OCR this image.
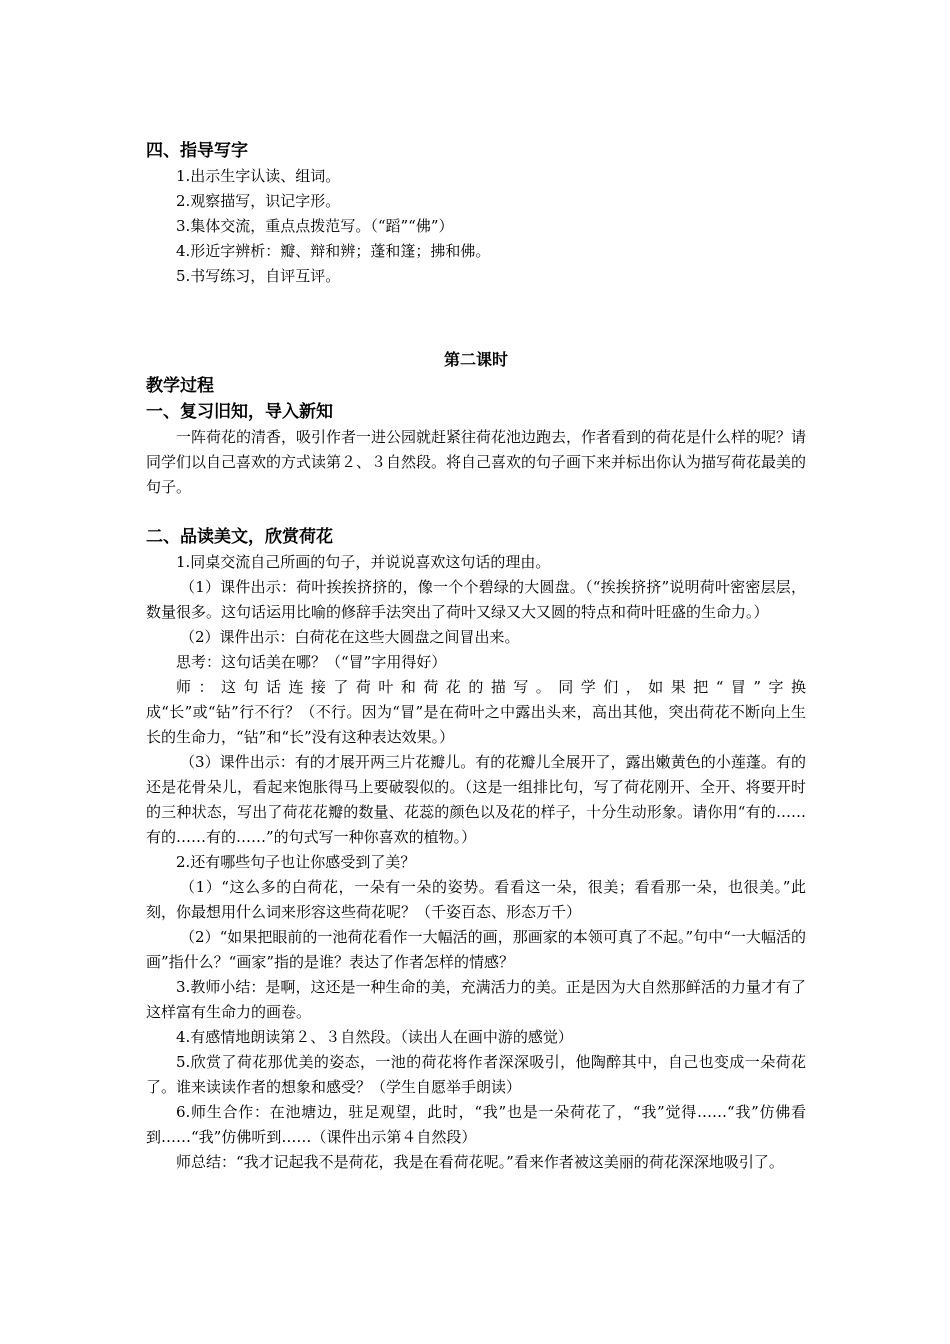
四、指导写字

1.出示生字认读、组词。

2.观察描写，识记字形。

3.集体交流，重点点拨范写。（“蹈”“佛”）

4.形近字辨析：瓣、辩和辨；蓬和篷；拂和佛。

5.书写练习，自评互评。

第二课时

教学过程

一、复习旧知，导入新知

一阵荷花的清香，吸引作者一进公园就赶紧往荷花池边跑去，作者看到的荷花是什么样的呢？请同学们以自己喜欢的方式读第２、３自然段。将自己喜欢的句子画下来并标出你认为描写荷花最美的句子。

二、品读美文，欣赏荷花

1.同桌交流自己所画的句子，并说说喜欢这句话的理由。

（1）课件出示：荷叶挨挨挤挤的，像一个个碧绿的大圆盘。（“挨挨挤挤”说明荷叶密密层层，数量很多。这句话运用比喻的修辞手法突出了荷叶又绿又大又圆的特点和荷叶旺盛的生命力。）

（2）课件出示：白荷花在这些大圆盘之间冒出来。

思考：这句话美在哪？（“冒”字用得好）

师：这句话连接了荷叶和荷花的描写。同学们，如果把“冒”字换

成“长”或“钻”行不行？（不行。因为“冒”是在荷叶之中露出头来，高出其他，突出荷花不断向上生长的生命力，“钻”和“长”没有这种表达效果。）

（3）课件出示：有的才展开两三片花瓣儿。有的花瓣儿全展开了，露出嫩黄色的小莲蓬。有的还是花骨朵儿，看起来饱胀得马上要破裂似的。（这是一组排比句，写了荷花刚开、全开、将要开时的三种状态，写出了荷花花瓣的数量、花蕊的颜色以及花的样子，十分生动形象。请你用“有的……有的……有的……”的句式写一种你喜欢的植物。）

2.还有哪些句子也让你感受到了美？

（1）“这么多的白荷花，一朵有一朵的姿势。看看这一朵，很美；看看那一朵，也很美。”此刻，你最想用什么词来形容这些荷花呢？（千姿百态、形态万千）

（2）“如果把眼前的一池荷花看作一大幅活的画，那画家的本领可真了不起。”句中“一大幅活的画”指什么？“画家”指的是谁？表达了作者怎样的情感？

3.教师小结：是啊，这还是一种生命的美，充满活力的美。正是因为大自然那鲜活的力量才有了这样富有生命力的画卷。

4.有感情地朗读第２、３自然段。（读出人在画中游的感觉）

5.欣赏了荷花那优美的姿态，一池的荷花将作者深深吸引，他陶醉其中，自己也变成一朵荷花了。谁来读读作者的想象和感受？（学生自愿举手朗读）

6.师生合作：在池塘边，驻足观望，此时，“我”也是一朵荷花了，“我”觉得……“我”仿佛看到……“我”仿佛听到……（课件出示第４自然段）

师总结：“我才记起我不是荷花，我是在看荷花呢。”看来作者被这美丽的荷花深深地吸引了。
